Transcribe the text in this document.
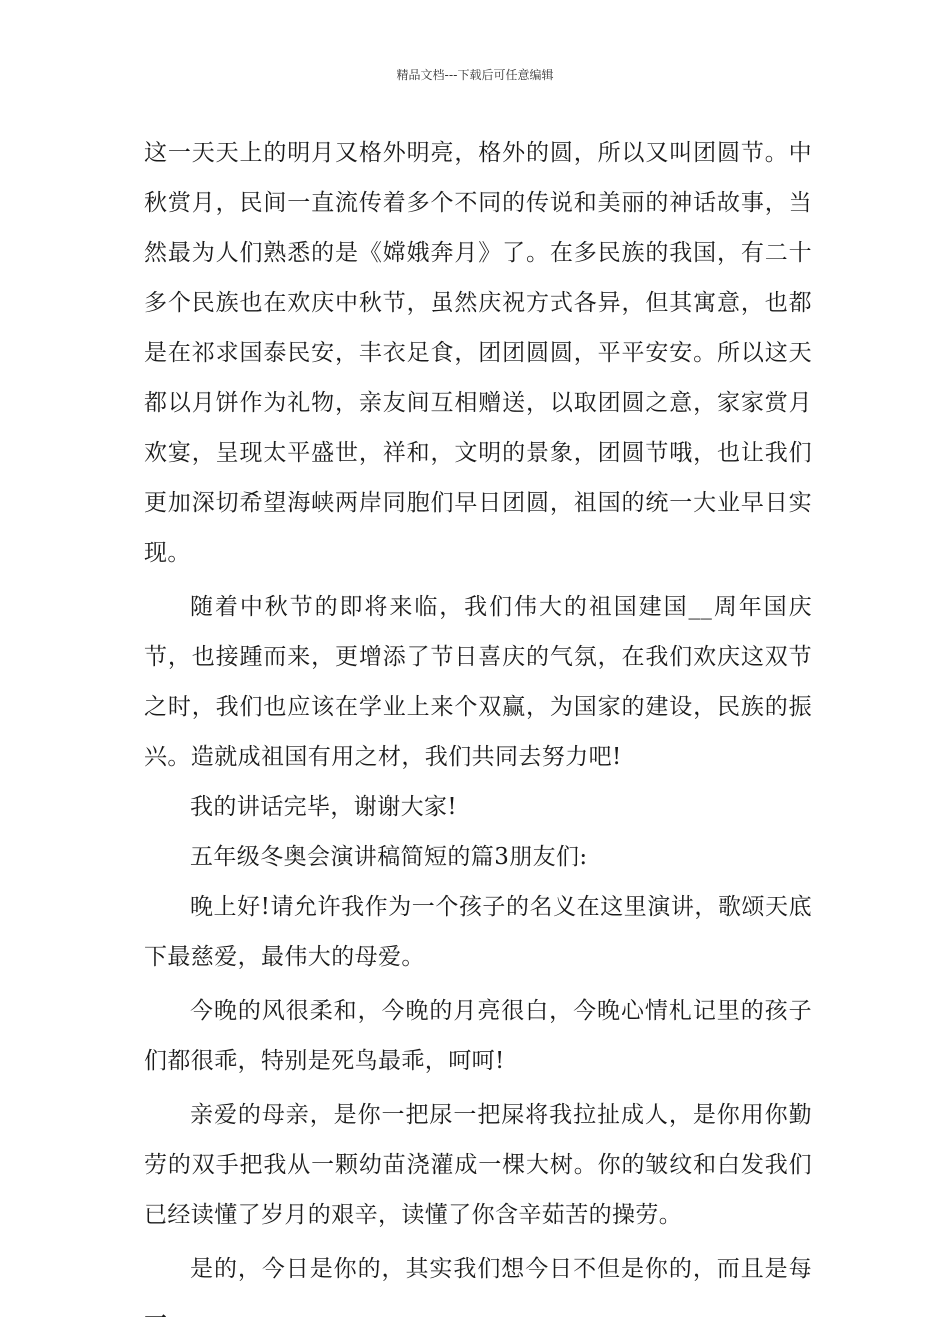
精品文档---下载后可任意编辑

这一天天上的明月又格外明亮，格外的圆，所以又叫团圆节。中秋赏月，民间一直流传着多个不同的传说和美丽的神话故事，当然最为人们熟悉的是《嫦娥奔月》了。在多民族的我国，有二十多个民族也在欢庆中秋节，虽然庆祝方式各异，但其寓意，也都是在祁求国泰民安，丰衣足食，团团圆圆，平平安安。所以这天都以月饼作为礼物，亲友间互相赠送，以取团圆之意，家家赏月欢宴，呈现太平盛世，祥和，文明的景象，团圆节哦，也让我们更加深切希望海峡两岸同胞们早日团圆，祖国的统一大业早日实现。

随着中秋节的即将来临，我们伟大的祖国建国__周年国庆节，也接踵而来，更增添了节日喜庆的气氛，在我们欢庆这双节之时，我们也应该在学业上来个双赢，为国家的建设，民族的振兴。造就成祖国有用之材，我们共同去努力吧!

我的讲话完毕，谢谢大家!

五年级冬奥会演讲稿简短的篇3朋友们:

晚上好!请允许我作为一个孩子的名义在这里演讲，歌颂天底下最慈爱，最伟大的母爱。

今晚的风很柔和，今晚的月亮很白，今晚心情札记里的孩子们都很乖，特别是死鸟最乖，呵呵!

亲爱的母亲，是你一把尿一把屎将我拉扯成人，是你用你勤劳的双手把我从一颗幼苗浇灌成一棵大树。你的皱纹和白发我们已经读懂了岁月的艰辛，读懂了你含辛茹苦的操劳。

是的，今日是你的，其实我们想今日不但是你的，而且是每一
